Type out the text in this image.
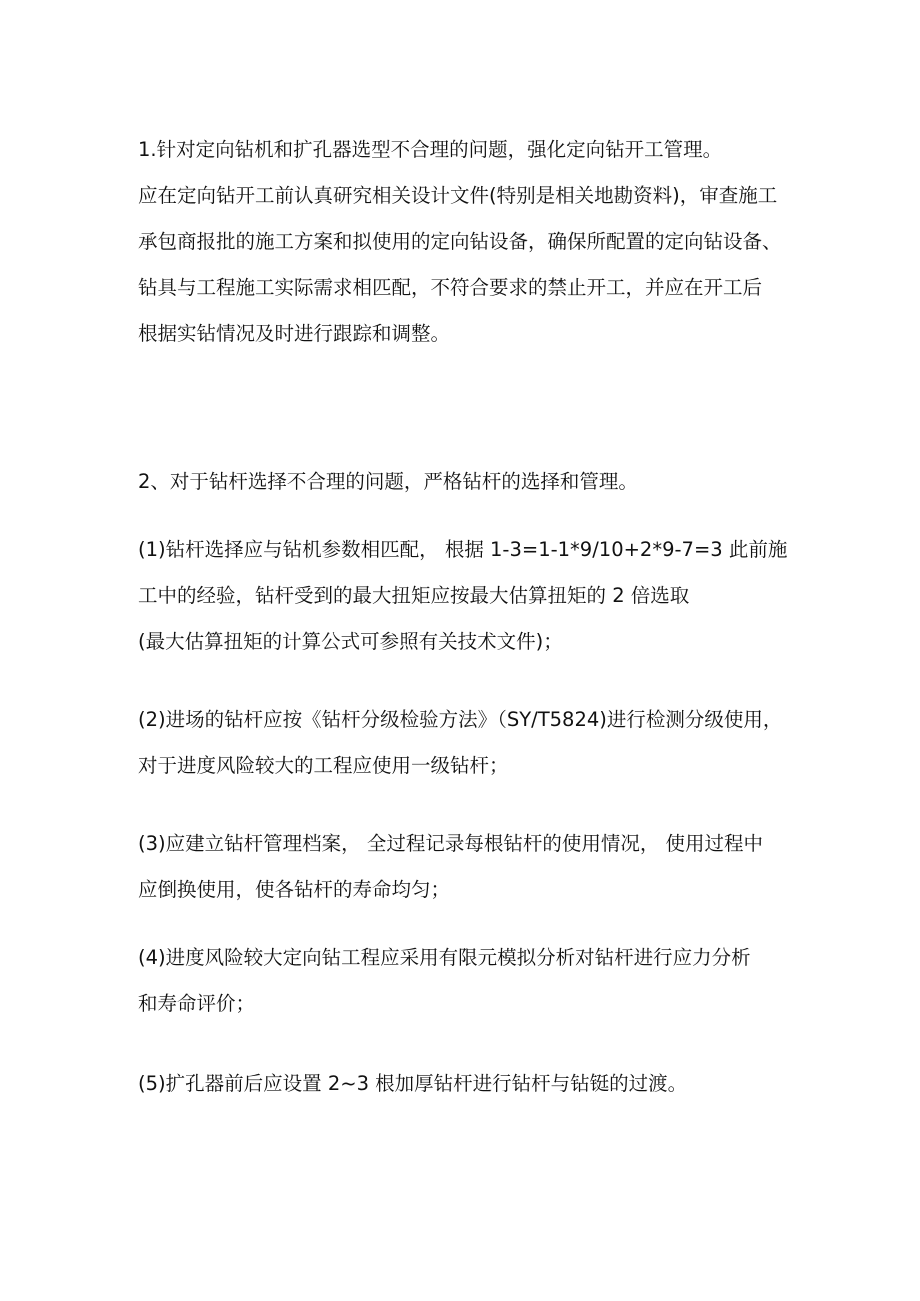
1.针对定向钻机和扩孔器选型不合理的问题，强化定向钻开工管理。
应在定向钻开工前认真研究相关设计文件(特别是相关地勘资料)，审查施工
承包商报批的施工方案和拟使用的定向钻设备，确保所配置的定向钻设备、
钻具与工程施工实际需求相匹配，不符合要求的禁止开工，并应在开工后
根据实钻情况及时进行跟踪和调整。
2、对于钻杆选择不合理的问题，严格钻杆的选择和管理。
(1)钻杆选择应与钻机参数相匹配， 根据 1-3=1-1*9/10+2*9-7=3 此前施
工中的经验，钻杆受到的最大扭矩应按最大估算扭矩的 2 倍选取
(最大估算扭矩的计算公式可参照有关技术文件)；
(2)进场的钻杆应按《钻杆分级检验方法》（SY/T5824)进行检测分级使用，
对于进度风险较大的工程应使用一级钻杆；
(3)应建立钻杆管理档案， 全过程记录每根钻杆的使用情况， 使用过程中
应倒换使用，使各钻杆的寿命均匀；
(4)进度风险较大定向钻工程应采用有限元模拟分析对钻杆进行应力分析
和寿命评价；
(5)扩孔器前后应设置 2~3 根加厚钻杆进行钻杆与钻铤的过渡。
